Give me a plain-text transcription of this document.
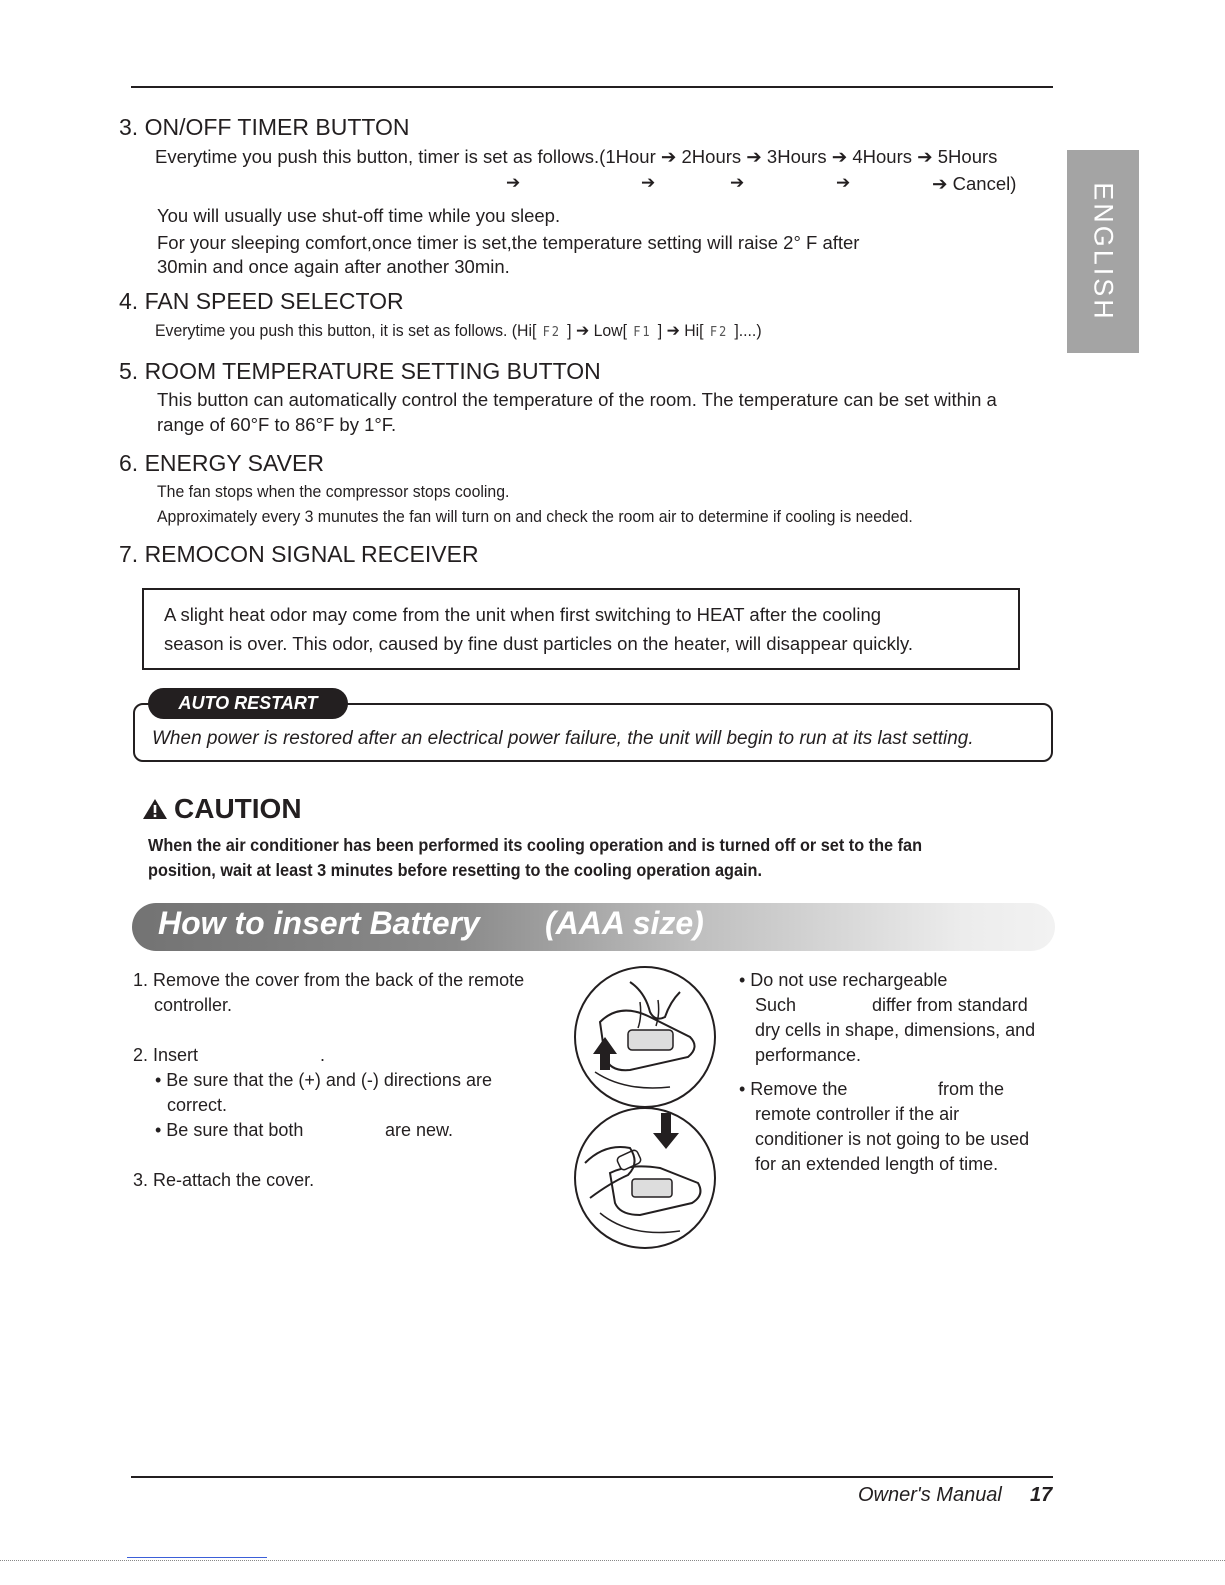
ENGLISH
3. ON/OFF TIMER BUTTON
Everytime you push this button, timer is set as follows.(1Hour ➔ 2Hours ➔ 3Hours ➔ 4Hours ➔ 5Hours
➔	➔	➔	➔	➔ Cancel)
You will usually use shut-off time while you sleep.
For your sleeping comfort,once timer is set,the temperature setting will raise 2° F after
30min and once again after another 30min.
4. FAN SPEED SELECTOR
Everytime you push this button, it is set as follows. (Hi[ F2 ] ➔ Low[ F1 ] ➔ Hi[ F2 ]....)
5. ROOM TEMPERATURE SETTING BUTTON
This button can automatically control the temperature of the room. The temperature can be set within a
range of 60°F to 86°F by 1°F.
6. ENERGY SAVER
The fan stops when the compressor stops cooling.
Approximately every 3 munutes the fan will turn on and check the room air to determine if cooling is needed.
7. REMOCON SIGNAL RECEIVER
A slight heat odor may come from the unit when first switching to HEAT after the cooling
season is over. This odor, caused by fine dust particles on the heater, will disappear quickly.
AUTO RESTART
When power is restored after an electrical power failure, the unit will begin to run at its last setting.
CAUTION
When the air conditioner has been performed its cooling operation and is turned off or set to the fan
position, wait at least 3 minutes before resetting to the cooling operation again.
How to insert Battery (AAA size)
1. Remove the cover from the back of the remote
controller.
2. Insert	.
• Be sure that the (+) and (-) directions are
correct.
• Be sure that both	are new.
3. Re-attach the cover.
• Do not use rechargeable
Such	differ from standard
dry cells in shape, dimensions, and
performance.
• Remove the	from the
remote controller if the air
conditioner is not going to be used
for an extended length of time.
Owner's Manual 17
